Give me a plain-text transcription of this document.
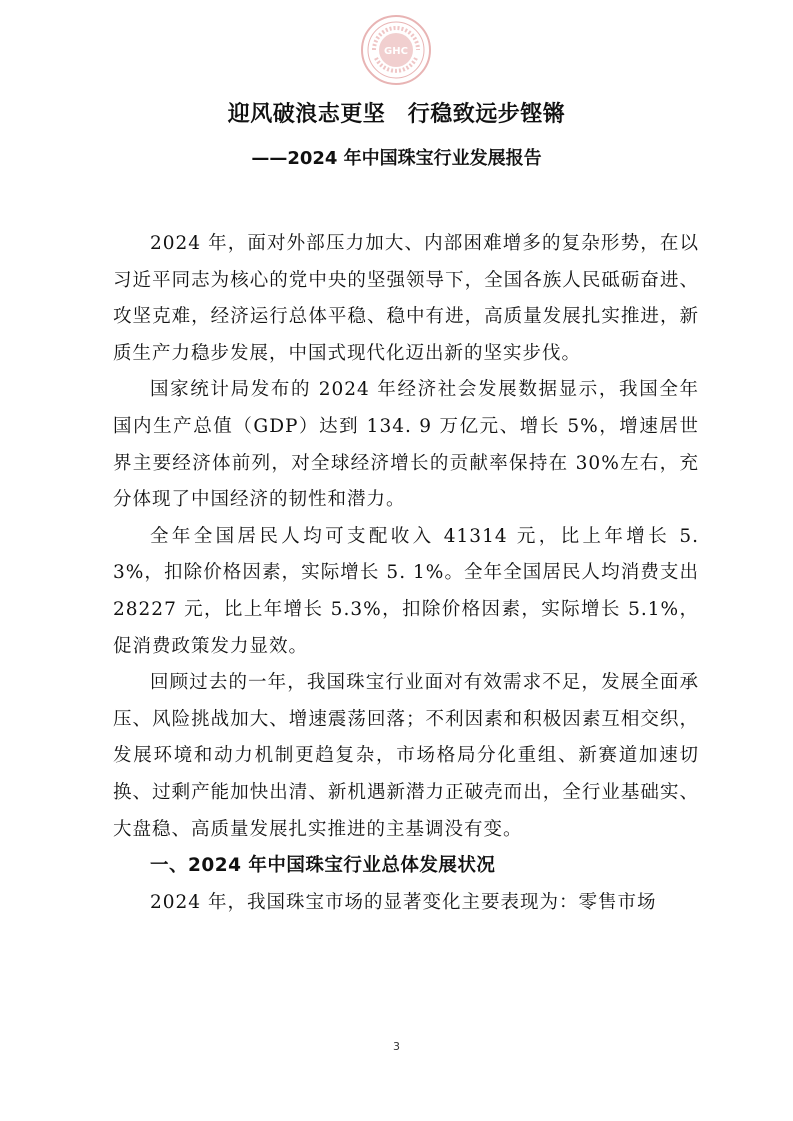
GHC
迎风破浪志更坚　行稳致远步铿锵
——2024 年中国珠宝行业发展报告

2024 年，面对外部压力加大、内部困难增多的复杂形势，在以习近平同志为核心的党中央的坚强领导下，全国各族人民砥砺奋进、攻坚克难，经济运行总体平稳、稳中有进，高质量发展扎实推进，新质生产力稳步发展，中国式现代化迈出新的坚实步伐。

国家统计局发布的 2024 年经济社会发展数据显示，我国全年国内生产总值（GDP）达到 134. 9 万亿元、增长 5%，增速居世界主要经济体前列，对全球经济增长的贡献率保持在 30%左右，充分体现了中国经济的韧性和潜力。

全年全国居民人均可支配收入 41314 元，比上年增长 5. 3%，扣除价格因素，实际增长 5. 1%。全年全国居民人均消费支出 28227 元，比上年增长 5.3%，扣除价格因素，实际增长 5.1%，促消费政策发力显效。

回顾过去的一年，我国珠宝行业面对有效需求不足，发展全面承压、风险挑战加大、增速震荡回落；不利因素和积极因素互相交织，发展环境和动力机制更趋复杂，市场格局分化重组、新赛道加速切换、过剩产能加快出清、新机遇新潜力正破壳而出，全行业基础实、大盘稳、高质量发展扎实推进的主基调没有变。

一、2024 年中国珠宝行业总体发展状况

2024 年，我国珠宝市场的显著变化主要表现为：零售市场

3
